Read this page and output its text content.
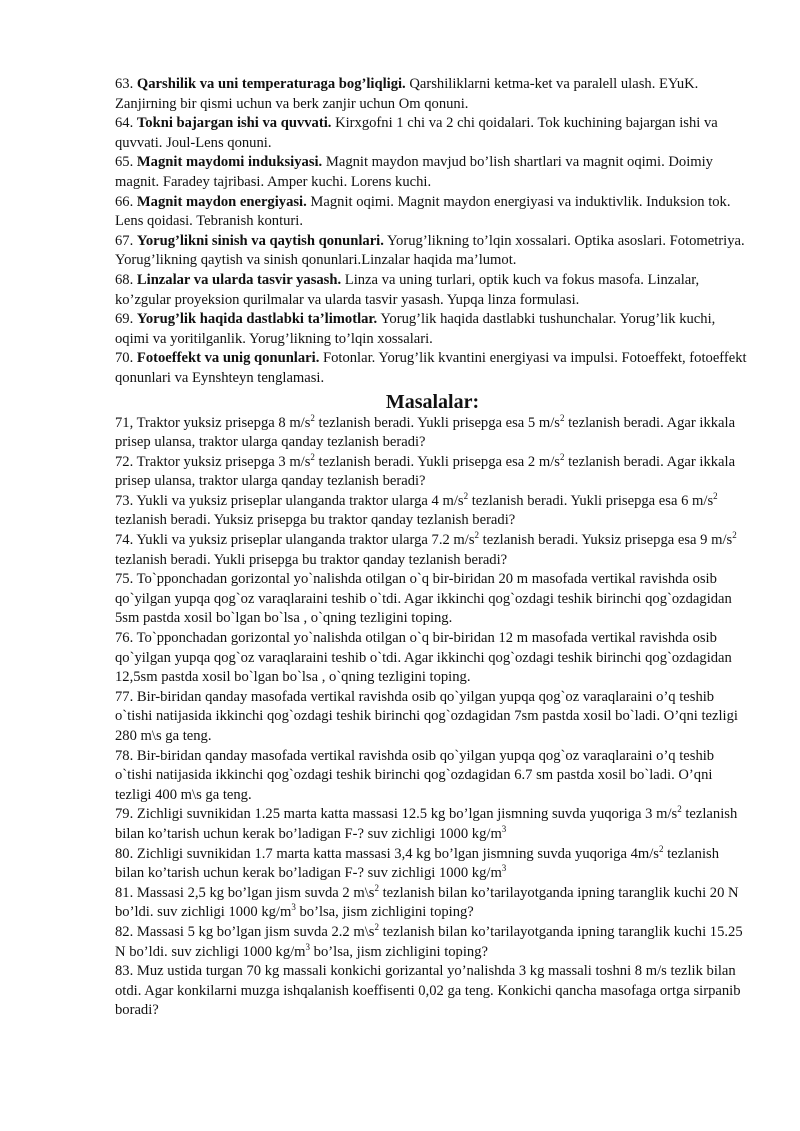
63. Qarshilik va uni temperaturaga bog’liqligi. Qarshiliklarni ketma-ket va paralell ulash. EYuK. Zanjirning bir qismi uchun va berk zanjir uchun Om qonuni.

64. Tokni bajargan ishi va quvvati. Kirxgofni 1 chi va 2 chi qoidalari. Tok kuchining bajargan ishi va quvvati. Joul-Lens qonuni.

65. Magnit maydomi induksiyasi. Magnit maydon mavjud bo’lish shartlari va magnit oqimi. Doimiy magnit. Faradey tajribasi. Amper kuchi. Lorens kuchi.

66. Magnit maydon energiyasi. Magnit oqimi. Magnit maydon energiyasi va induktivlik. Induksion tok. Lens qoidasi. Tebranish konturi.

67. Yorug’likni sinish va qaytish qonunlari. Yorug’likning to’lqin xossalari. Optika asoslari. Fotometriya. Yorug’likning qaytish va sinish qonunlari.Linzalar haqida ma’lumot.

68. Linzalar va ularda tasvir yasash. Linza va uning turlari, optik kuch va fokus masofa. Linzalar, ko’zgular proyeksion qurilmalar va ularda tasvir yasash. Yupqa linza formulasi.

69. Yorug’lik haqida dastlabki ta’limotlar. Yorug’lik haqida dastlabki tushunchalar. Yorug’lik kuchi, oqimi va yoritilganlik. Yorug’likning to’lqin xossalari.

70. Fotoeffekt va unig qonunlari. Fotonlar. Yorug’lik kvantini energiyasi va impulsi. Fotoeffekt, fotoeffekt qonunlari va Eynshteyn tenglamasi.

Masalalar:

71, Traktor yuksiz prisepga 8 $m/s^2$ tezlanish beradi. Yukli prisepga esa 5 $m/s^2$ tezlanish beradi. Agar ikkala prisep ulansa, traktor ularga qanday tezlanish beradi?

72. Traktor yuksiz prisepga 3 $m/s^2$ tezlanish beradi. Yukli prisepga esa 2 $m/s^2$ tezlanish beradi. Agar ikkala prisep ulansa, traktor ularga qanday tezlanish beradi?

73. Yukli va yuksiz priseplar ulanganda traktor ularga 4 $m/s^2$ tezlanish beradi. Yukli prisepga esa 6 $m/s^2$ tezlanish beradi. Yuksiz prisepga bu traktor qanday tezlanish beradi?

74. Yukli va yuksiz priseplar ulanganda traktor ularga 7.2 $m/s^2$ tezlanish beradi. Yuksiz prisepga esa 9 $m/s^2$ tezlanish beradi. Yukli prisepga bu traktor qanday tezlanish beradi?

75. To`pponchadan gorizontal yo`nalishda otilgan o`q bir-biridan 20 m masofada vertikal ravishda osib qo`yilgan yupqa qog`oz varaqlaraini teshib o`tdi. Agar ikkinchi qog`ozdagi teshik birinchi qog`ozdagidan 5sm pastda xosil bo`lgan bo`lsa , o`qning tezligini toping.

76. To`pponchadan gorizontal yo`nalishda otilgan o`q bir-biridan 12 m masofada vertikal ravishda osib qo`yilgan yupqa qog`oz varaqlaraini teshib o`tdi. Agar ikkinchi qog`ozdagi teshik birinchi qog`ozdagidan 12,5sm pastda xosil bo`lgan bo`lsa , o`qning tezligini toping.

77. Bir-biridan qanday masofada vertikal ravishda osib qo`yilgan yupqa qog`oz varaqlaraini o’q teshib o`tishi natijasida ikkinchi qog`ozdagi teshik birinchi qog`ozdagidan 7sm pastda xosil bo`ladi. O’qni tezligi 280 m\s ga teng.

78. Bir-biridan qanday masofada vertikal ravishda osib qo`yilgan yupqa qog`oz varaqlaraini o’q teshib o`tishi natijasida ikkinchi qog`ozdagi teshik birinchi qog`ozdagidan 6.7 sm pastda xosil bo`ladi. O’qni tezligi 400 m\s ga teng.

79. Zichligi suvnikidan 1.25 marta katta massasi 12.5 kg bo’lgan jismning suvda yuqoriga 3 $m/s^2$ tezlanish bilan ko’tarish uchun kerak bo’ladigan F-? suv zichligi 1000 $kg/m^3$

80. Zichligi suvnikidan 1.7 marta katta massasi 3,4 kg bo’lgan jismning suvda yuqoriga $4m/s^2$ tezlanish bilan ko’tarish uchun kerak bo’ladigan F-? suv zichligi 1000 $kg/m^3$

81. Massasi 2,5 kg bo’lgan jism suvda 2 $m\backslash s^2$ tezlanish bilan ko’tarilayotganda ipning taranglik kuchi 20 N bo’ldi. suv zichligi 1000 $kg/m^3$ bo’lsa, jism zichligini toping?

82. Massasi 5 kg bo’lgan jism suvda 2.2 $m\backslash s^2$ tezlanish bilan ko’tarilayotganda ipning taranglik kuchi 15.25 N bo’ldi. suv zichligi 1000 $kg/m^3$ bo’lsa, jism zichligini toping?

83. Muz ustida turgan 70 kg massali konkichi gorizantal yo’nalishda 3 kg massali toshni 8 m/s tezlik bilan otdi. Agar konkilarni muzga ishqalanish koeffisenti 0,02 ga teng. Konkichi qancha masofaga ortga sirpanib boradi?
